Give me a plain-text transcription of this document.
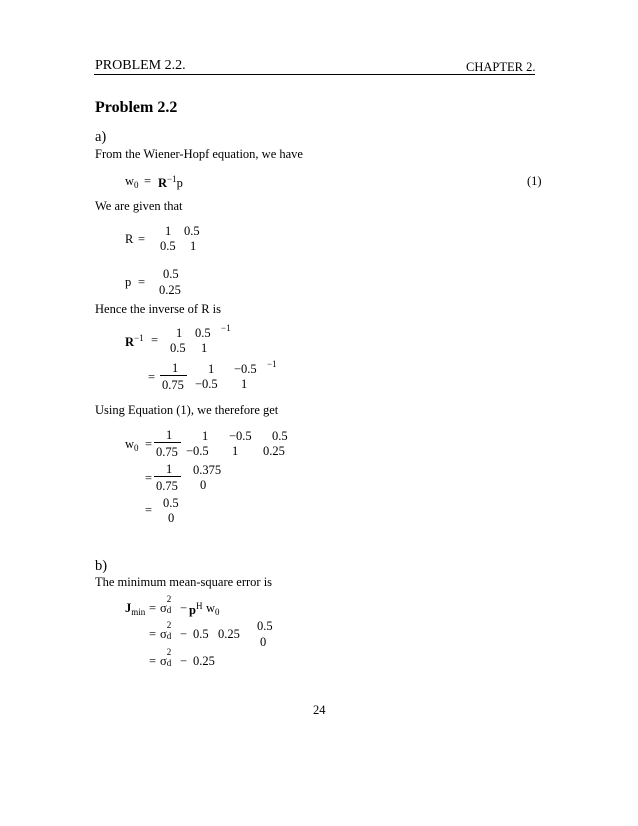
PROBLEM 2.2.	CHAPTER 2.
Problem 2.2
a)
From the Wiener-Hopf equation, we have
$w_0 = R^{-1}p$	(1)
We are given that
R =
1 0.5
0.5 1
p =
0.5
0.25
Hence the inverse of R is
$R^{-1} = 1$ 0.5 −1
0.5 1
=
1
0.75
1 −0.5 −1
−0.5 1
Using Equation (1), we therefore get
$w_0$ =
1
0.75
1 −0.5 0.5
−0.5 1 0.25
=
1
0.75
0.375
0
= 0.5
0
b)
The minimum mean-square error is
$J_{min} = \sigma$
2
$d - p^H$ $w_0$
= σ
2
d − 0.5 0.25
0.5
0
= σ
2
d − 0.25
24
